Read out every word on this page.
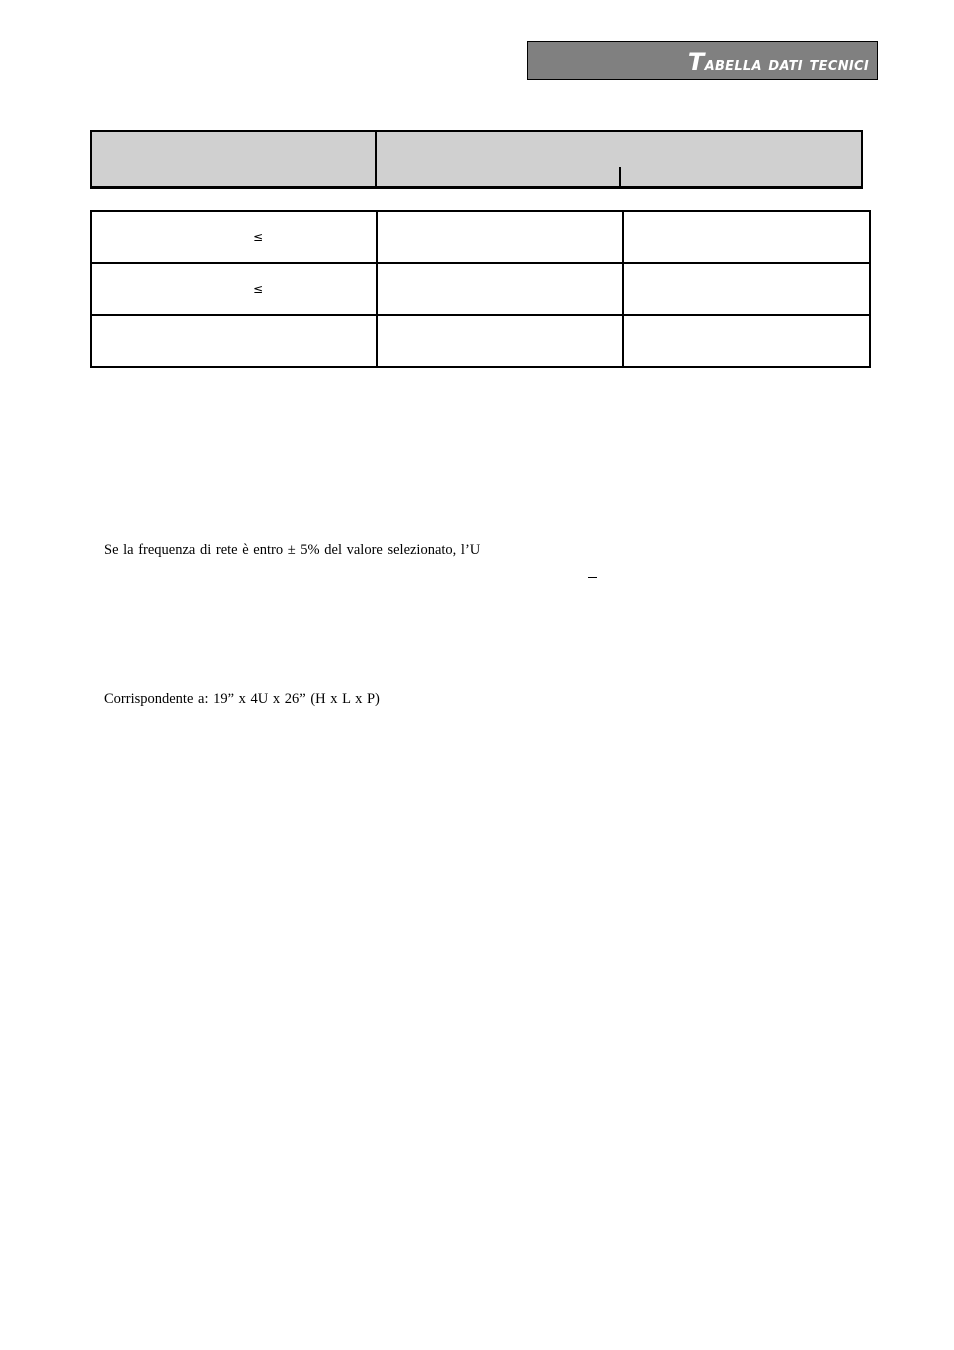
Tabella dati tecnici
≤		

≤		

Se la frequenza di rete è entro ± 5% del valore selezionato, l’U
Corrispondente a: 19” x 4U x 26” (H x L x P)
